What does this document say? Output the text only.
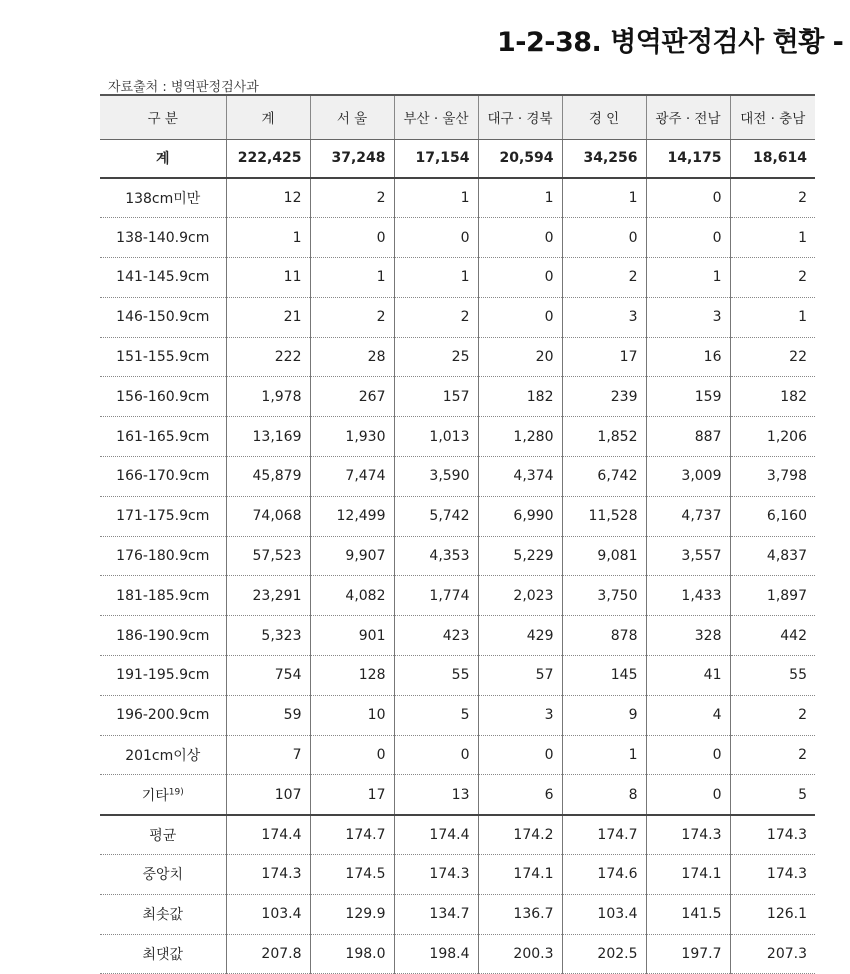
1-2-38. 병역판정검사 현황 -
자료출처 : 병역판정검사과
구 분	계	서 울	부산 · 울산	대구 · 경북	경 인	광주 · 전남	대전 · 충남
계	222,425	37,248	17,154	20,594	34,256	14,175	18,614
138cm미만	12	2	1	1	1	0	2
138-140.9cm	1	0	0	0	0	0	1
141-145.9cm	11	1	1	0	2	1	2
146-150.9cm	21	2	2	0	3	3	1
151-155.9cm	222	28	25	20	17	16	22
156-160.9cm	1,978	267	157	182	239	159	182
161-165.9cm	13,169	1,930	1,013	1,280	1,852	887	1,206
166-170.9cm	45,879	7,474	3,590	4,374	6,742	3,009	3,798
171-175.9cm	74,068	12,499	5,742	6,990	11,528	4,737	6,160
176-180.9cm	57,523	9,907	4,353	5,229	9,081	3,557	4,837
181-185.9cm	23,291	4,082	1,774	2,023	3,750	1,433	1,897
186-190.9cm	5,323	901	423	429	878	328	442
191-195.9cm	754	128	55	57	145	41	55
196-200.9cm	59	10	5	3	9	4	2
201cm이상	7	0	0	0	1	0	2
기타$^{19)}$	107	17	13	6	8	0	5
평균	174.4	174.7	174.4	174.2	174.7	174.3	174.3
중앙치	174.3	174.5	174.3	174.1	174.6	174.1	174.3
최솟값	103.4	129.9	134.7	136.7	103.4	141.5	126.1
최댓값	207.8	198.0	198.4	200.3	202.5	197.7	207.3
